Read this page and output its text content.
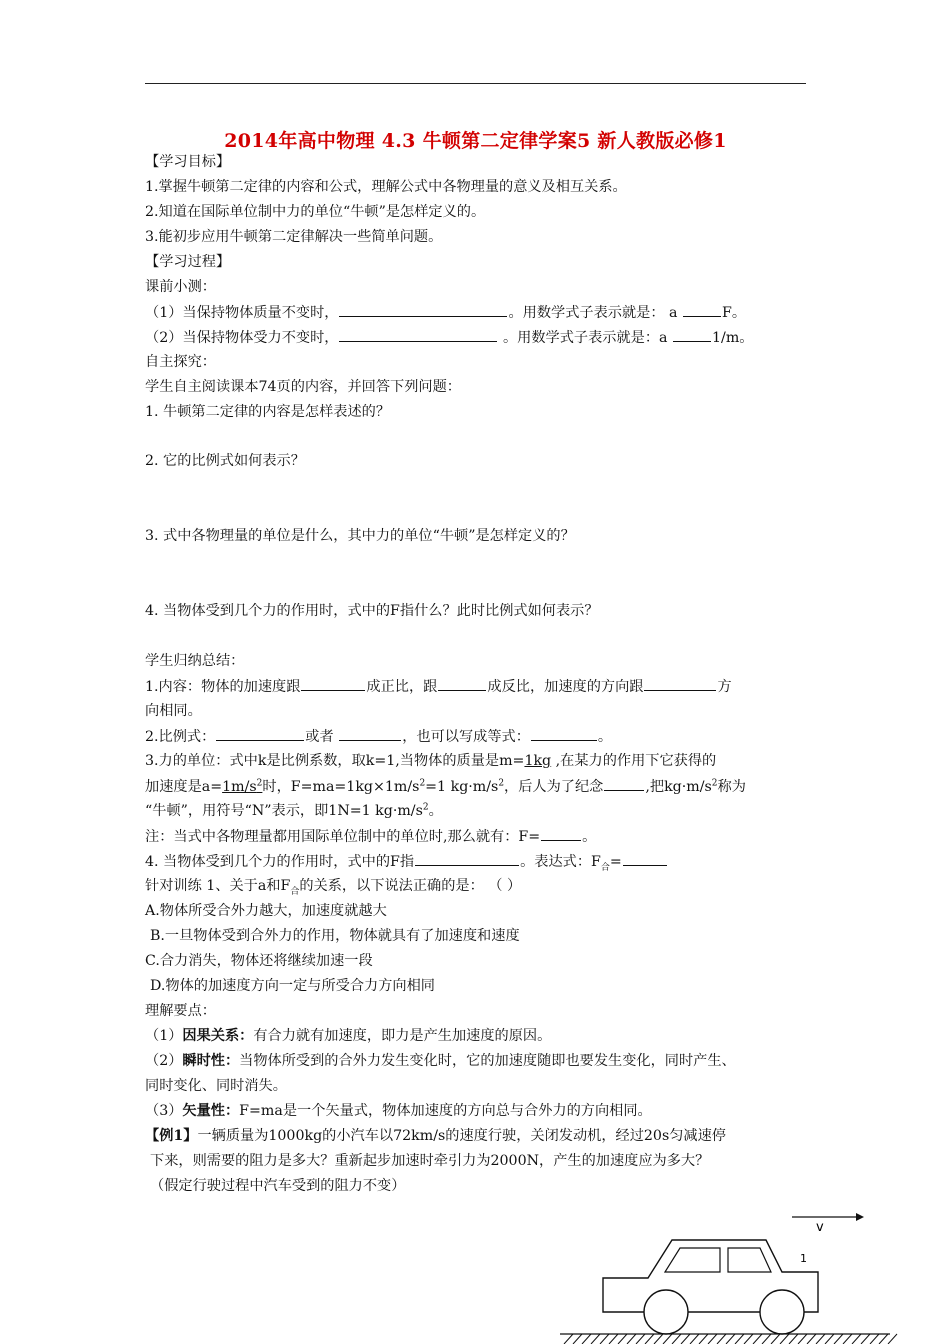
2014年高中物理 4.3 牛顿第二定律学案5 新人教版必修1
【学习目标】
1.掌握牛顿第二定律的内容和公式，理解公式中各物理量的意义及相互关系。
2.知道在国际单位制中力的单位“牛顿”是怎样定义的。
3.能初步应用牛顿第二定律解决一些简单问题。
【学习过程】
课前小测：
（1）当保持物体质量不变时，	。用数学式子表示就是： a	F。
（2）当保持物体受力不变时，	。用数学式子表示就是：a	1/m。
自主探究：
学生自主阅读课本74页的内容，并回答下列问题：
1. 牛顿第二定律的内容是怎样表述的？
2. 它的比例式如何表示？
3. 式中各物理量的单位是什么，其中力的单位“牛顿”是怎样定义的？
4. 当物体受到几个力的作用时，式中的F指什么？此时比例式如何表示？
学生归纳总结：
1.内容：物体的加速度跟	成正比，跟	成反比，加速度的方向跟	方
向相同。
2.比例式：	或者	，也可以写成等式：	。
3.力的单位：式中k是比例系数，取k=1,当物体的质量是m=1kg ,在某力的作用下它获得的
加速度是$a=1m/s^2$时，$F=ma=1kg\times 1m/s^2=1$ $kg\cdot m/s^2$，后人为了纪念	,把$kg\cdot m/s^2$称为
“牛顿”，用符号“N”表示，即1N=1 $kg\cdot m/s^2$。
注：当式中各物理量都用国际单位制中的单位时,那么就有：F=	。
4. 当物体受到几个力的作用时，式中的F指	。表达式：$F_合=$
针对训练 1、关于a和$F_合$的关系，以下说法正确的是： （ ）
A.物体所受合外力越大，加速度就越大
B.一旦物体受到合外力的作用，物体就具有了加速度和速度
C.合力消失，物体还将继续加速一段
D.物体的加速度方向一定与所受合力方向相同
理解要点：
（1）因果关系：有合力就有加速度，即力是产生加速度的原因。
（2）瞬时性：当物体所受到的合外力发生变化时，它的加速度随即也要发生变化，同时产生、
同时变化、同时消失。
（3）矢量性：F=ma是一个矢量式，物体加速度的方向总与合外力的方向相同。
【例1】一辆质量为1000kg的小汽车以72km/s的速度行驶，关闭发动机，经过20s匀减速停
下来，则需要的阻力是多大？重新起步加速时牵引力为2000N，产生的加速度应为多大？
（假定行驶过程中汽车受到的阻力不变）
v
1
